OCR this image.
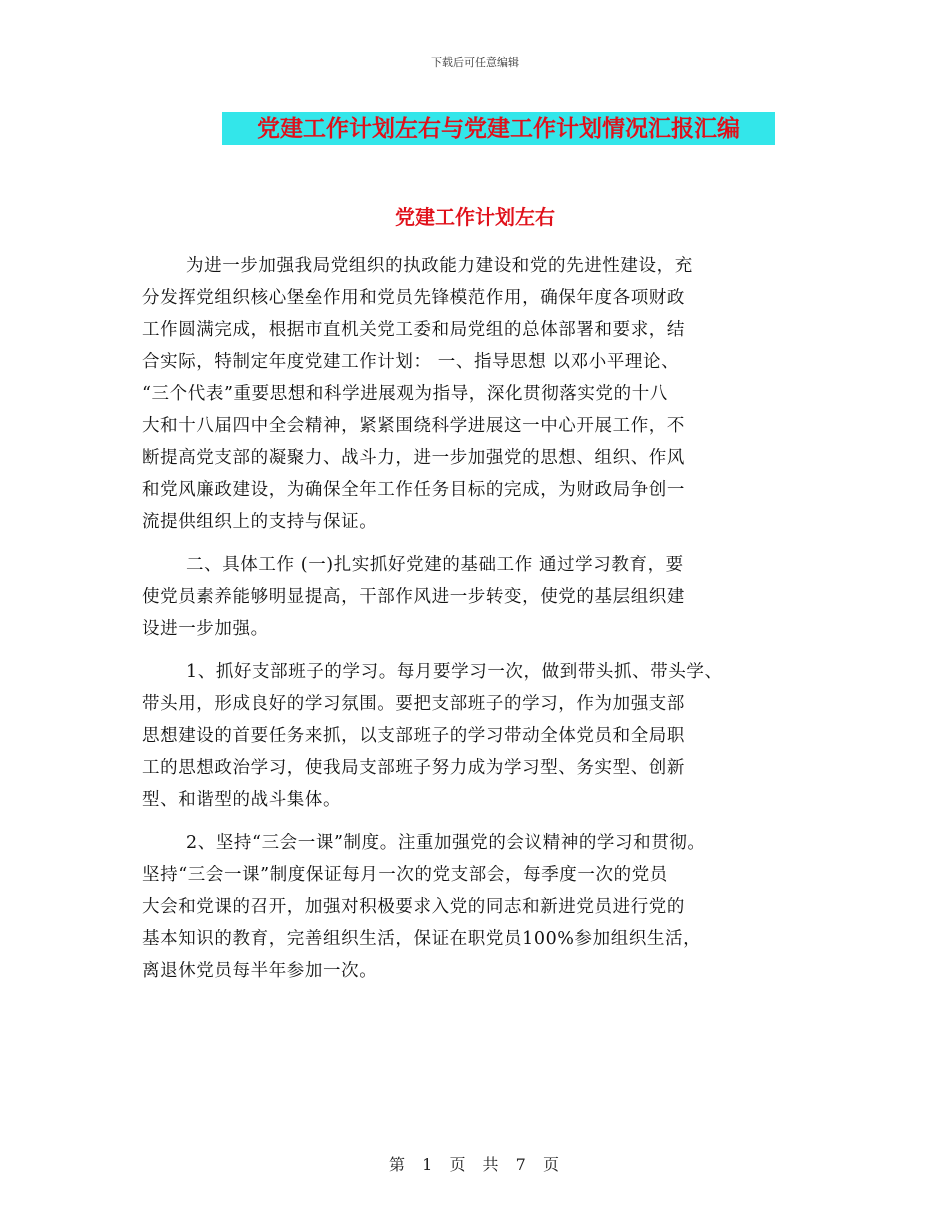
下载后可任意编辑
党建工作计划左右与党建工作计划情况汇报汇编
党建工作计划左右
为进一步加强我局党组织的执政能力建设和党的先进性建设，充
分发挥党组织核心堡垒作用和党员先锋模范作用，确保年度各项财政
工作圆满完成，根据市直机关党工委和局党组的总体部署和要求，结
合实际，特制定年度党建工作计划： 一、指导思想 以邓小平理论、
“三个代表”重要思想和科学进展观为指导，深化贯彻落实党的十八
大和十八届四中全会精神，紧紧围绕科学进展这一中心开展工作，不
断提高党支部的凝聚力、战斗力，进一步加强党的思想、组织、作风
和党风廉政建设，为确保全年工作任务目标的完成，为财政局争创一
流提供组织上的支持与保证。
二、具体工作 (一)扎实抓好党建的基础工作 通过学习教育，要
使党员素养能够明显提高，干部作风进一步转变，使党的基层组织建
设进一步加强。
1、抓好支部班子的学习。每月要学习一次，做到带头抓、带头学、
带头用，形成良好的学习氛围。要把支部班子的学习，作为加强支部
思想建设的首要任务来抓，以支部班子的学习带动全体党员和全局职
工的思想政治学习，使我局支部班子努力成为学习型、务实型、创新
型、和谐型的战斗集体。
2、坚持“三会一课”制度。注重加强党的会议精神的学习和贯彻。
坚持“三会一课”制度保证每月一次的党支部会，每季度一次的党员
大会和党课的召开，加强对积极要求入党的同志和新进党员进行党的
基本知识的教育，完善组织生活，保证在职党员100%参加组织生活，
离退休党员每半年参加一次。
第 1 页 共 7 页
